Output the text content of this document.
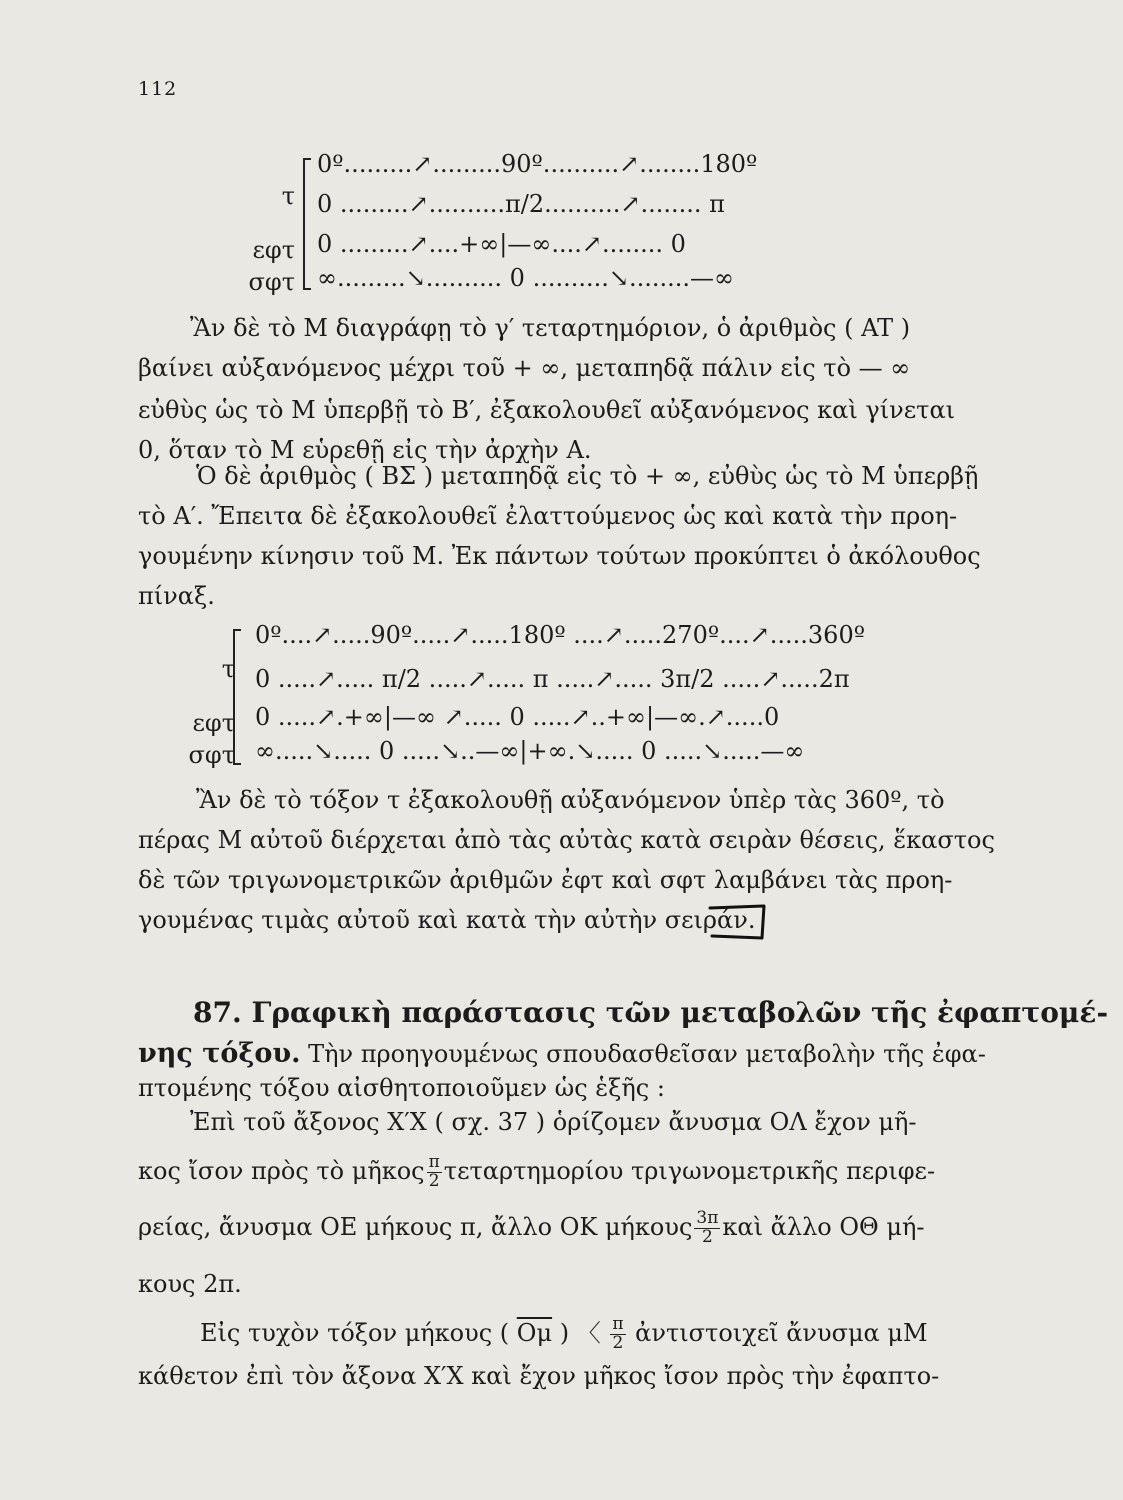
112
τ
εφτ
σφτ
0º.........↗.........90º..........↗........180º
0 .........↗..........π/2..........↗........ π
0 .........↗....+∞|—∞....↗........ 0
∞.........↘.......... 0 ..........↘........—∞
Ἂν δὲ τὸ Μ διαγράφῃ τὸ γ′ τεταρτημόριον, ὁ ἀριθμὸς ( AT )
βαίνει αὐξανόμενος μέχρι τοῦ + ∞, μεταπηδᾷ πάλιν εἰς τὸ — ∞
εὐθὺς ὡς τὸ Μ ὑπερβῇ τὸ Β′, ἐξακολουθεῖ αὐξανόμενος καὶ γίνεται
0, ὅταν τὸ Μ εὑρεθῇ εἰς τὴν ἀρχὴν Α.
Ὁ δὲ ἀριθμὸς ( ΒΣ ) μεταπηδᾷ εἰς τὸ + ∞, εὐθὺς ὡς τὸ Μ ὑπερβῇ
τὸ Α′. Ἔπειτα δὲ ἐξακολουθεῖ ἐλαττούμενος ὡς καὶ κατὰ τὴν προη-
γουμένην κίνησιν τοῦ Μ. Ἐκ πάντων τούτων προκύπτει ὁ ἀκόλουθος
πίναξ.
τ
εφτ
σφτ
0º....↗.....90º.....↗.....180º ....↗.....270º....↗.....360º
0 .....↗..... π/2 .....↗..... π .....↗..... 3π/2 .....↗.....2π
0 .....↗.+∞|—∞ ↗..... 0 .....↗..+∞|—∞.↗.....0
∞.....↘..... 0 .....↘..—∞|+∞.↘..... 0 .....↘.....—∞
Ἂν δὲ τὸ τόξον τ ἐξακολουθῇ αὐξανόμενον ὑπὲρ τὰς 360º, τὸ
πέρας Μ αὐτοῦ διέρχεται ἀπὸ τὰς αὐτὰς κατὰ σειρὰν θέσεις, ἕκαστος
δὲ τῶν τριγωνομετρικῶν ἀριθμῶν ἐφτ καὶ σφτ λαμβάνει τὰς προη-
γουμένας τιμὰς αὐτοῦ καὶ κατὰ τὴν αὐτὴν σειράν.
87. Γραφικὴ παράστασις τῶν μεταβολῶν τῆς ἐφαπτομέ-
νης τόξου. Τὴν προηγουμένως σπουδασθεῖσαν μεταβολὴν τῆς ἐφα-
πτομένης τόξου αἰσθητοποιοῦμεν ὡς ἑξῆς :
Ἐπὶ τοῦ ἄξονος Χ′Χ ( σχ. 37 ) ὁρίζομεν ἄνυσμα ΟΛ ἔχον μῆ-
κος ἴσον πρὸς τὸ μῆκος $\frac{\pi}{2}$ τεταρτημορίου τριγωνομετρικῆς περιφε-
ρείας, ἄνυσμα ΟΕ μήκους π, ἄλλο ΟΚ μήκους $\frac{3\pi}{2}$ καὶ ἄλλο ΟΘ μή-
κους 2π.
Εἰς τυχὸν τόξον μήκους ( $\overline{O\mu}$ ) 〈 $\frac{\pi}{2}$ ἀντιστοιχεῖ ἄνυσμα μΜ
κάθετον ἐπὶ τὸν ἄξονα Χ′Χ καὶ ἔχον μῆκος ἴσον πρὸς τὴν ἐφαπτο-
